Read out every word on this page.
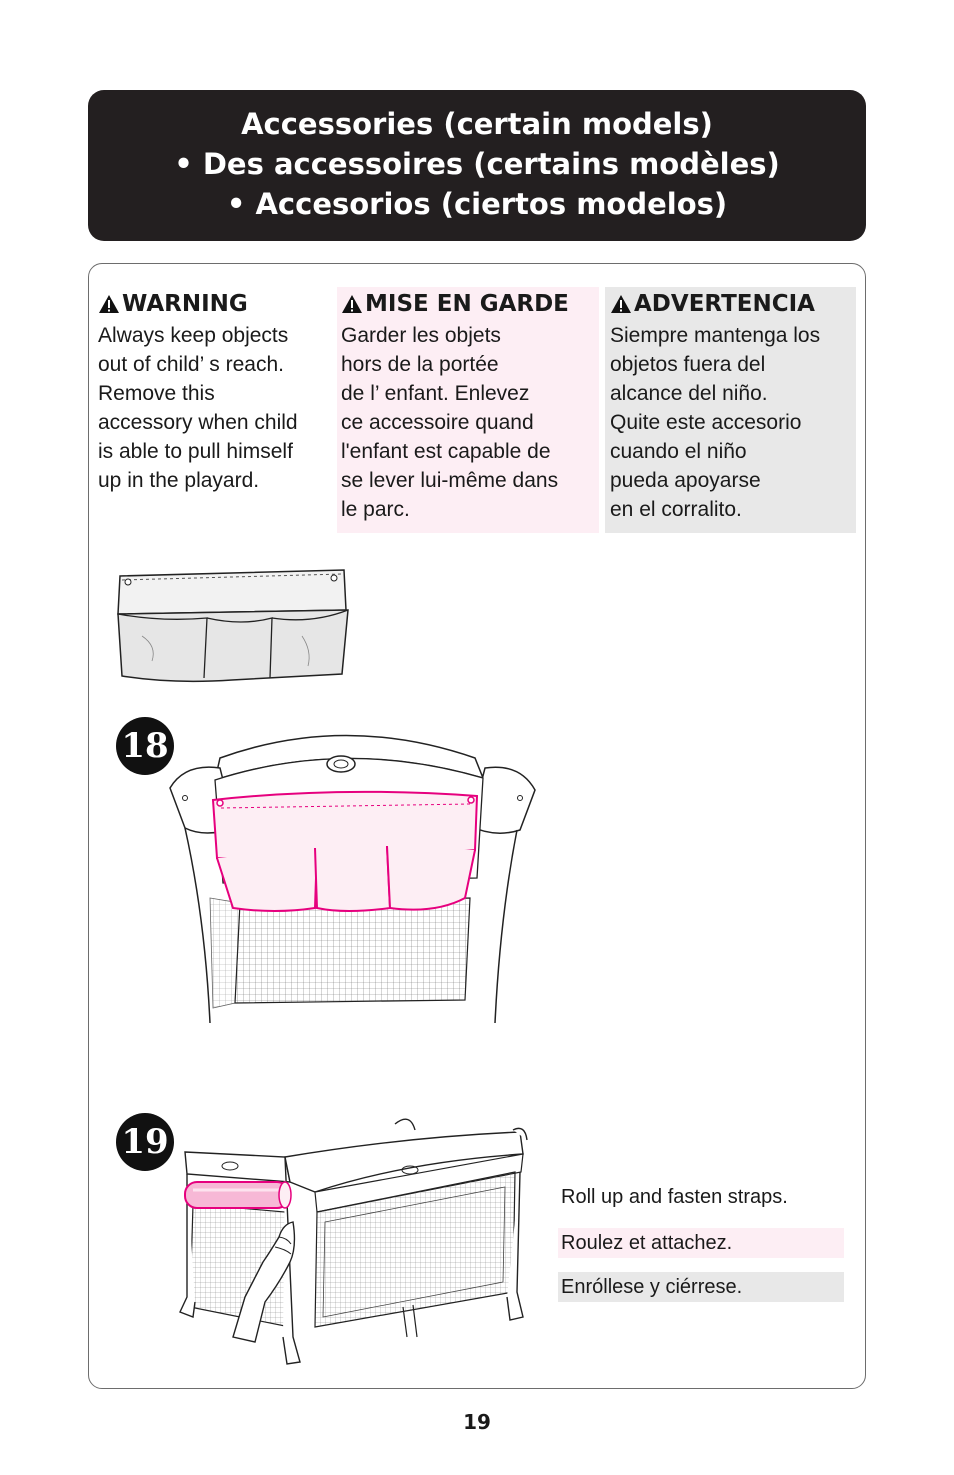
Accessories (certain models)
• Des accessoires (certains modèles)
• Accesorios (ciertos modelos)
WARNING
Always keep objects
out of child’ s reach.
Remove this
accessory when child
is able to pull himself
up in the playard.
MISE EN GARDE
Garder les objets
hors de la portée
de l’ enfant. Enlevez
ce accessoire quand
l'enfant est capable de
se lever lui-même dans
le parc.
ADVERTENCIA
Siempre mantenga los
objetos fuera del
alcance del niño.
Quite este accesorio
cuando el niño
pueda apoyarse
en el corralito.
18
19
Roll up and fasten straps.
Roulez et attachez.
Enróllese y ciérrese.
19
